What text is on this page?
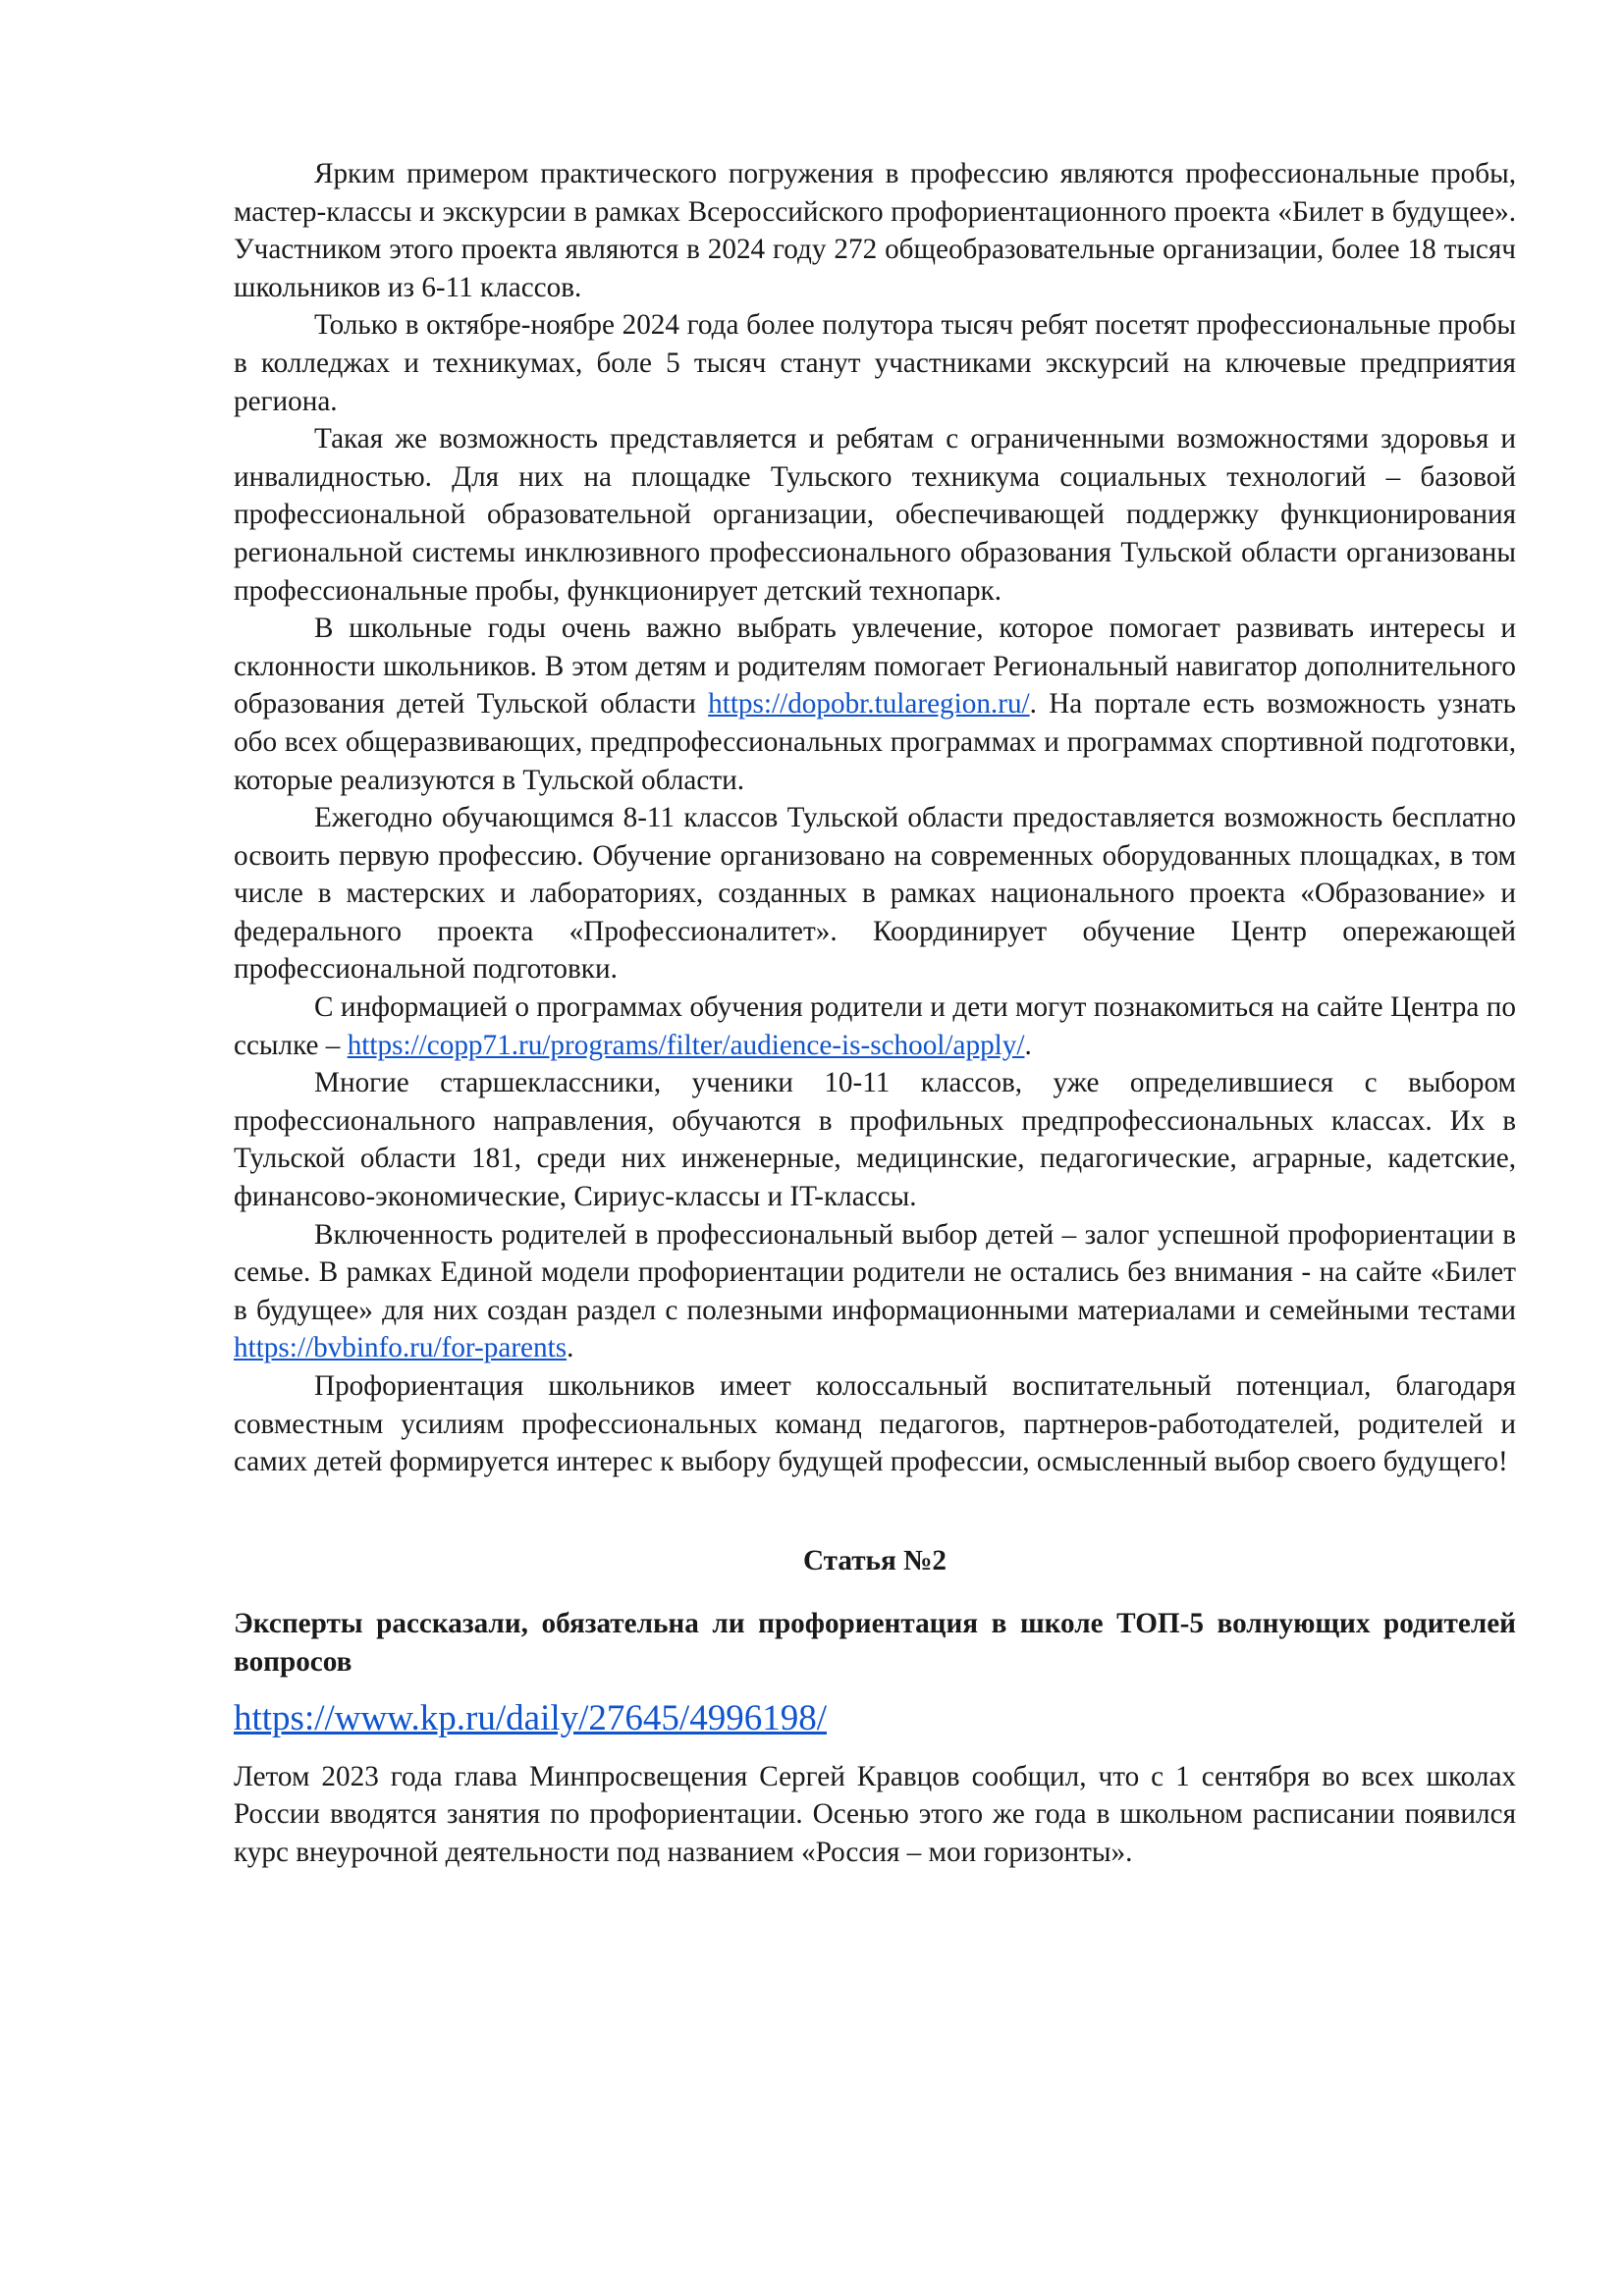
Ярким примером практического погружения в профессию являются профессиональные пробы, мастер-классы и экскурсии в рамках Всероссийского профориентационного проекта «Билет в будущее». Участником этого проекта являются в 2024 году 272 общеобразовательные организации, более 18 тысяч школьников из 6-11 классов.

Только в октябре-ноябре 2024 года более полутора тысяч ребят посетят профессиональные пробы в колледжах и техникумах, боле 5 тысяч станут участниками экскурсий на ключевые предприятия региона.

Такая же возможность представляется и ребятам с ограниченными возможностями здоровья и инвалидностью. Для них на площадке Тульского техникума социальных технологий – базовой профессиональной образовательной организации, обеспечивающей поддержку функционирования региональной системы инклюзивного профессионального образования Тульской области организованы профессиональные пробы, функционирует детский технопарк.

В школьные годы очень важно выбрать увлечение, которое помогает развивать интересы и склонности школьников. В этом детям и родителям помогает Региональный навигатор дополнительного образования детей Тульской области https://dopobr.tularegion.ru/. На портале есть возможность узнать обо всех общеразвивающих, предпрофессиональных программах и программах спортивной подготовки, которые реализуются в Тульской области.

Ежегодно обучающимся 8-11 классов Тульской области предоставляется возможность бесплатно освоить первую профессию. Обучение организовано на современных оборудованных площадках, в том числе в мастерских и лабораториях, созданных в рамках национального проекта «Образование» и федерального проекта «Профессионалитет». Координирует обучение Центр опережающей профессиональной подготовки.

С информацией о программах обучения родители и дети могут познакомиться на сайте Центра по ссылке – https://copp71.ru/programs/filter/audience-is-school/apply/.

Многие старшеклассники, ученики 10-11 классов, уже определившиеся с выбором профессионального направления, обучаются в профильных предпрофессиональных классах. Их в Тульской области 181, среди них инженерные, медицинские, педагогические, аграрные, кадетские, финансово-экономические, Сириус-классы и IT-классы.

Включенность родителей в профессиональный выбор детей – залог успешной профориентации в семье. В рамках Единой модели профориентации родители не остались без внимания - на сайте «Билет в будущее» для них создан раздел с полезными информационными материалами и семейными тестами https://bvbinfo.ru/for-parents.

Профориентация школьников имеет колоссальный воспитательный потенциал, благодаря совместным усилиям профессиональных команд педагогов, партнеров-работодателей, родителей и самих детей формируется интерес к выбору будущей профессии, осмысленный выбор своего будущего!

Статья №2

Эксперты рассказали, обязательна ли профориентация в школе ТОП-5 волнующих родителей вопросов

https://www.kp.ru/daily/27645/4996198/

Летом 2023 года глава Минпросвещения Сергей Кравцов сообщил, что с 1 сентября во всех школах России вводятся занятия по профориентации. Осенью этого же года в школьном расписании появился курс внеурочной деятельности под названием «Россия – мои горизонты».
